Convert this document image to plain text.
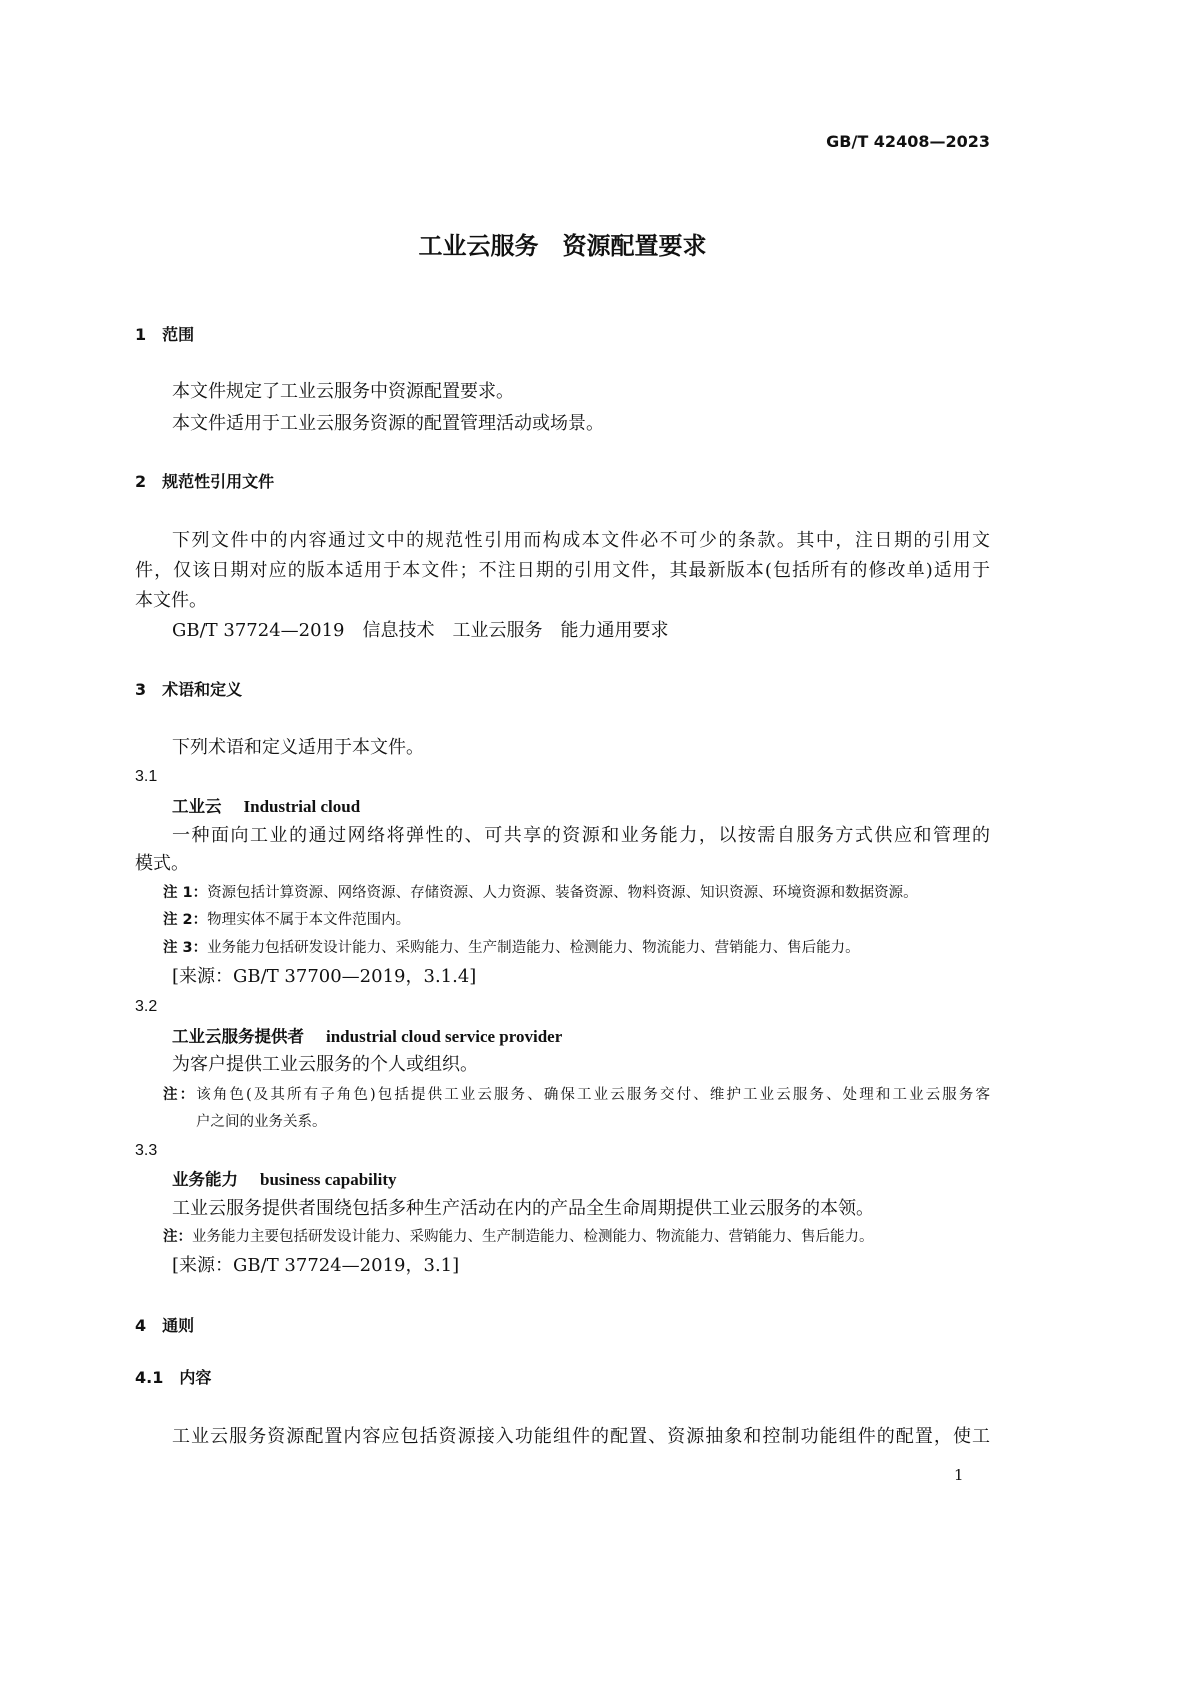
GB/T 42408—2023
工业云服务　资源配置要求
1　范围
本文件规定了工业云服务中资源配置要求。
本文件适用于工业云服务资源的配置管理活动或场景。
2　规范性引用文件
下列文件中的内容通过文中的规范性引用而构成本文件必不可少的条款。其中，注日期的引用文
件，仅该日期对应的版本适用于本文件；不注日期的引用文件，其最新版本(包括所有的修改单)适用于
本文件。
GB/T 37724—2019　信息技术　工业云服务　能力通用要求
3　术语和定义
下列术语和定义适用于本文件。
3.1
工业云 Industrial cloud
一种面向工业的通过网络将弹性的、可共享的资源和业务能力，以按需自服务方式供应和管理的
模式。
注 1：资源包括计算资源、网络资源、存储资源、人力资源、装备资源、物料资源、知识资源、环境资源和数据资源。
注 2：物理实体不属于本文件范围内。
注 3：业务能力包括研发设计能力、采购能力、生产制造能力、检测能力、物流能力、营销能力、售后能力。
[来源：GB/T 37700—2019，3.1.4]
3.2
工业云服务提供者 industrial cloud service provider
为客户提供工业云服务的个人或组织。
注：该角色(及其所有子角色)包括提供工业云服务、确保工业云服务交付、维护工业云服务、处理和工业云服务客
户之间的业务关系。
3.3
业务能力 business capability
工业云服务提供者围绕包括多种生产活动在内的产品全生命周期提供工业云服务的本领。
注：业务能力主要包括研发设计能力、采购能力、生产制造能力、检测能力、物流能力、营销能力、售后能力。
[来源：GB/T 37724—2019，3.1]
4　通则
4.1　内容
工业云服务资源配置内容应包括资源接入功能组件的配置、资源抽象和控制功能组件的配置，使工
1
